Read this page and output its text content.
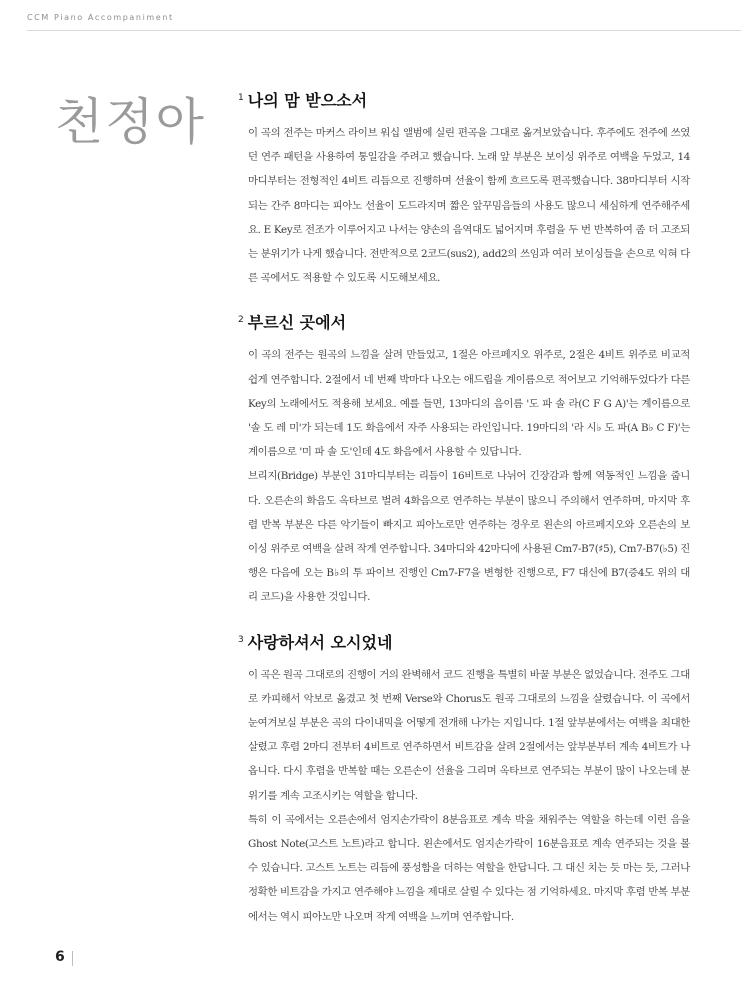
CCM Piano Accompaniment
천정아	1 나의 맘 받으소서

이 곡의 전주는 마커스 라이브 워십 앨범에 실린 편곡을 그대로 옮겨보았습니다. 후주에도 전주에 쓰였던 연주 패턴을 사용하여 통일감을 주려고 했습니다. 노래 앞 부분은 보이싱 위주로 여백을 두었고, 14마디부터는 전형적인 4비트 리듬으로 진행하며 선율이 함께 흐르도록 편곡했습니다. 38마디부터 시작되는 간주 8마디는 피아노 선율이 도드라지며 짧은 앞꾸밈음들의 사용도 많으니 세심하게 연주해주세요. E Key로 전조가 이루어지고 나서는 양손의 음역대도 넓어지며 후렴을 두 번 반복하여 좀 더 고조되는 분위기가 나게 했습니다. 전반적으로 2코드(sus2), add2의 쓰임과 여러 보이싱들을 손으로 익혀 다른 곡에서도 적용할 수 있도록 시도해보세요.

2 부르신 곳에서

이 곡의 전주는 원곡의 느낌을 살려 만들었고, 1절은 아르페지오 위주로, 2절은 4비트 위주로 비교적 쉽게 연주합니다. 2절에서 네 번째 박마다 나오는 애드립을 계이름으로 적어보고 기억해두었다가 다른 Key의 노래에서도 적용해 보세요. 예를 들면, 13마디의 음이름 '도 파 솔 라(C F G A)'는 계이름으로 '솔 도 레 미'가 되는데 1도 화음에서 자주 사용되는 라인입니다. 19마디의 '라 시♭ 도 파(A B♭ C F)'는 계이름으로 '미 파 솔 도'인데 4도 화음에서 사용할 수 있답니다.

브리지(Bridge) 부분인 31마디부터는 리듬이 16비트로 나뉘어 긴장감과 함께 역동적인 느낌을 줍니다. 오른손의 화음도 옥타브로 벌려 4화음으로 연주하는 부분이 많으니 주의해서 연주하며, 마지막 후렴 반복 부분은 다른 악기들이 빠지고 피아노로만 연주하는 경우로 왼손의 아르페지오와 오른손의 보이싱 위주로 여백을 살려 작게 연주합니다. 34마디와 42마디에 사용된 Cm7-B7(♯5), Cm7-B7(♭5) 진행은 다음에 오는 B♭의 투 파이브 진행인 Cm7-F7을 변형한 진행으로, F7 대신에 B7(증4도 위의 대리 코드)을 사용한 것입니다.

3 사랑하셔서 오시었네

이 곡은 원곡 그대로의 진행이 거의 완벽해서 코드 진행을 특별히 바꿀 부분은 없었습니다. 전주도 그대로 카피해서 악보로 옮겼고 첫 번째 Verse와 Chorus도 원곡 그대로의 느낌을 살렸습니다. 이 곡에서 눈여겨보실 부분은 곡의 다이내믹을 어떻게 전개해 나가는 지입니다. 1절 앞부분에서는 여백을 최대한 살렸고 후렴 2마디 전부터 4비트로 연주하면서 비트감을 살려 2절에서는 앞부분부터 계속 4비트가 나옵니다. 다시 후렴을 반복할 때는 오른손이 선율을 그리며 옥타브로 연주되는 부분이 많이 나오는데 분위기를 계속 고조시키는 역할을 합니다.

특히 이 곡에서는 오른손에서 엄지손가락이 8분음표로 계속 박을 채워주는 역할을 하는데 이런 음을 Ghost Note(고스트 노트)라고 합니다. 왼손에서도 엄지손가락이 16분음표로 계속 연주되는 것을 볼 수 있습니다. 고스트 노트는 리듬에 풍성함을 더하는 역할을 한답니다. 그 대신 치는 듯 마는 듯, 그러나 정확한 비트감을 가지고 연주해야 느낌을 제대로 살릴 수 있다는 점 기억하세요. 마지막 후렴 반복 부분에서는 역시 피아노만 나오며 작게 여백을 느끼며 연주합니다.

6
